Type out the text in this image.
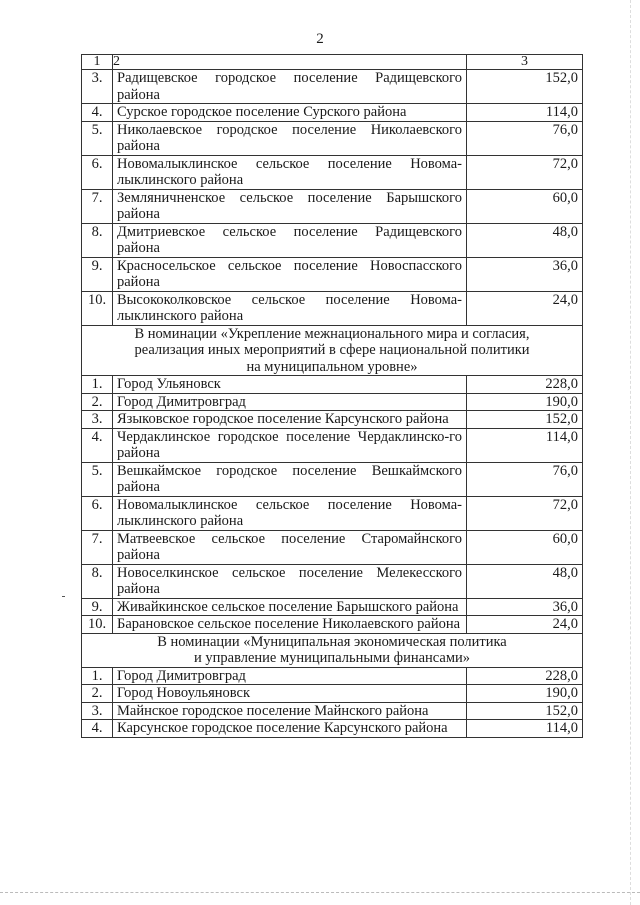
2
1	2	3
3.	Радищевское городское поселение Радищевского района	152,0
4.	Сурское городское поселение Сурского района	114,0
5.	Николаевское городское поселение Николаевского района	76,0
6.	Новомалыклинское сельское поселение Новома-лыклинского района	72,0
7.	Земляничненское сельское поселение Барышского района	60,0
8.	Дмитриевское сельское поселение Радищевского района	48,0
9.	Красносельское сельское поселение Новоспасского района	36,0
10.	Высококолковское сельское поселение Новома-лыклинского района	24,0

В номинации «Укрепление межнационального мира и согласия,
реализация иных мероприятий в сфере национальной политики
на муниципальном уровне»		

1.	Город Ульяновск	228,0
2.	Город Димитровград	190,0
3.	Языковское городское поселение Карсунского района	152,0
4.	Чердаклинское городское поселение Чердаклинско-го района	114,0
5.	Вешкаймское городское поселение Вешкаймского района	76,0
6.	Новомалыклинское сельское поселение Новома-лыклинского района	72,0
7.	Матвеевское сельское поселение Старомайнского района	60,0
8.	Новоселкинское сельское поселение Мелекесского района	48,0
9.	Живайкинское сельское поселение Барышского района	36,0
10.	Барановское сельское поселение Николаевского района	24,0

В номинации «Муниципальная экономическая политика
и управление муниципальными финансами»		

1.	Город Димитровград	228,0
2.	Город Новоульяновск	190,0
3.	Майнское городское поселение Майнского района	152,0
4.	Карсунское городское поселение Карсунского района	114,0
